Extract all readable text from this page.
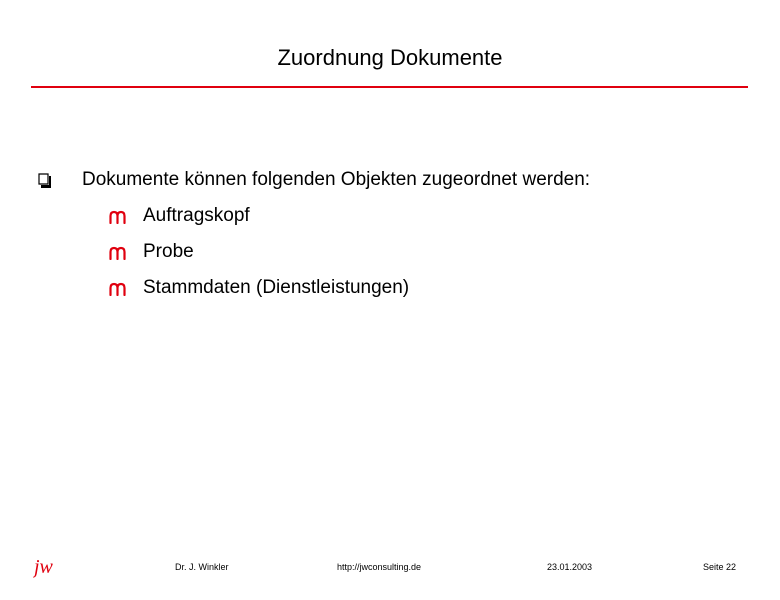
Zuordnung Dokumente
Dokumente können folgenden Objekten zugeordnet werden:
Auftragskopf
Probe
Stammdaten (Dienstleistungen)
jw	Dr. J. Winkler	http://jwconsulting.de	23.01.2003	Seite 22
